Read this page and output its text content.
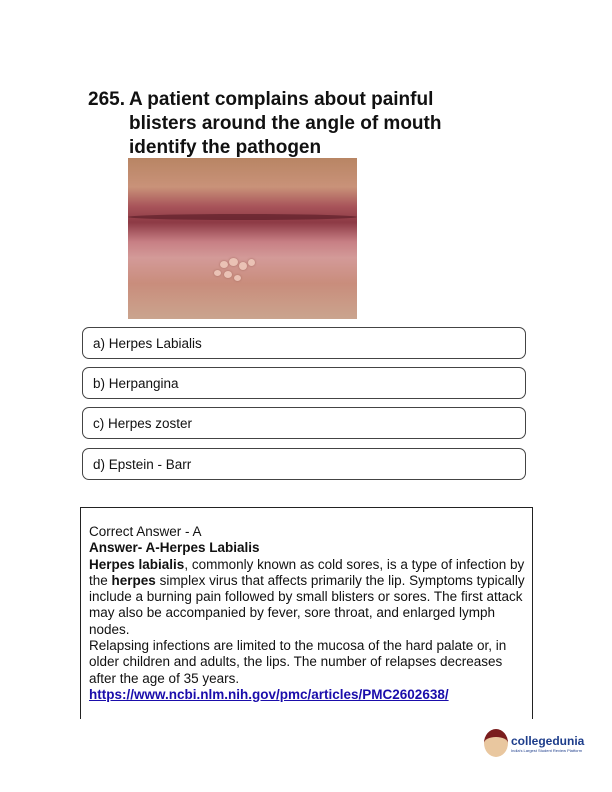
265. A patient complains about painful blisters around the angle of mouth identify the pathogen
a) Herpes Labialis
b) Herpangina
c) Herpes zoster
d) Epstein - Barr
Correct Answer - A
Answer- A-Herpes Labialis
Herpes labialis, commonly known as cold sores, is a type of infection by the herpes simplex virus that affects primarily the lip. Symptoms typically include a burning pain followed by small blisters or sores. The first attack may also be accompanied by fever, sore throat, and enlarged lymph nodes.
Relapsing infections are limited to the mucosa of the hard palate or, in older children and adults, the lips. The number of relapses decreases after the age of 35 years.
https://www.ncbi.nlm.nih.gov/pmc/articles/PMC2602638/
collegedunia
India's Largest Student Review Platform
